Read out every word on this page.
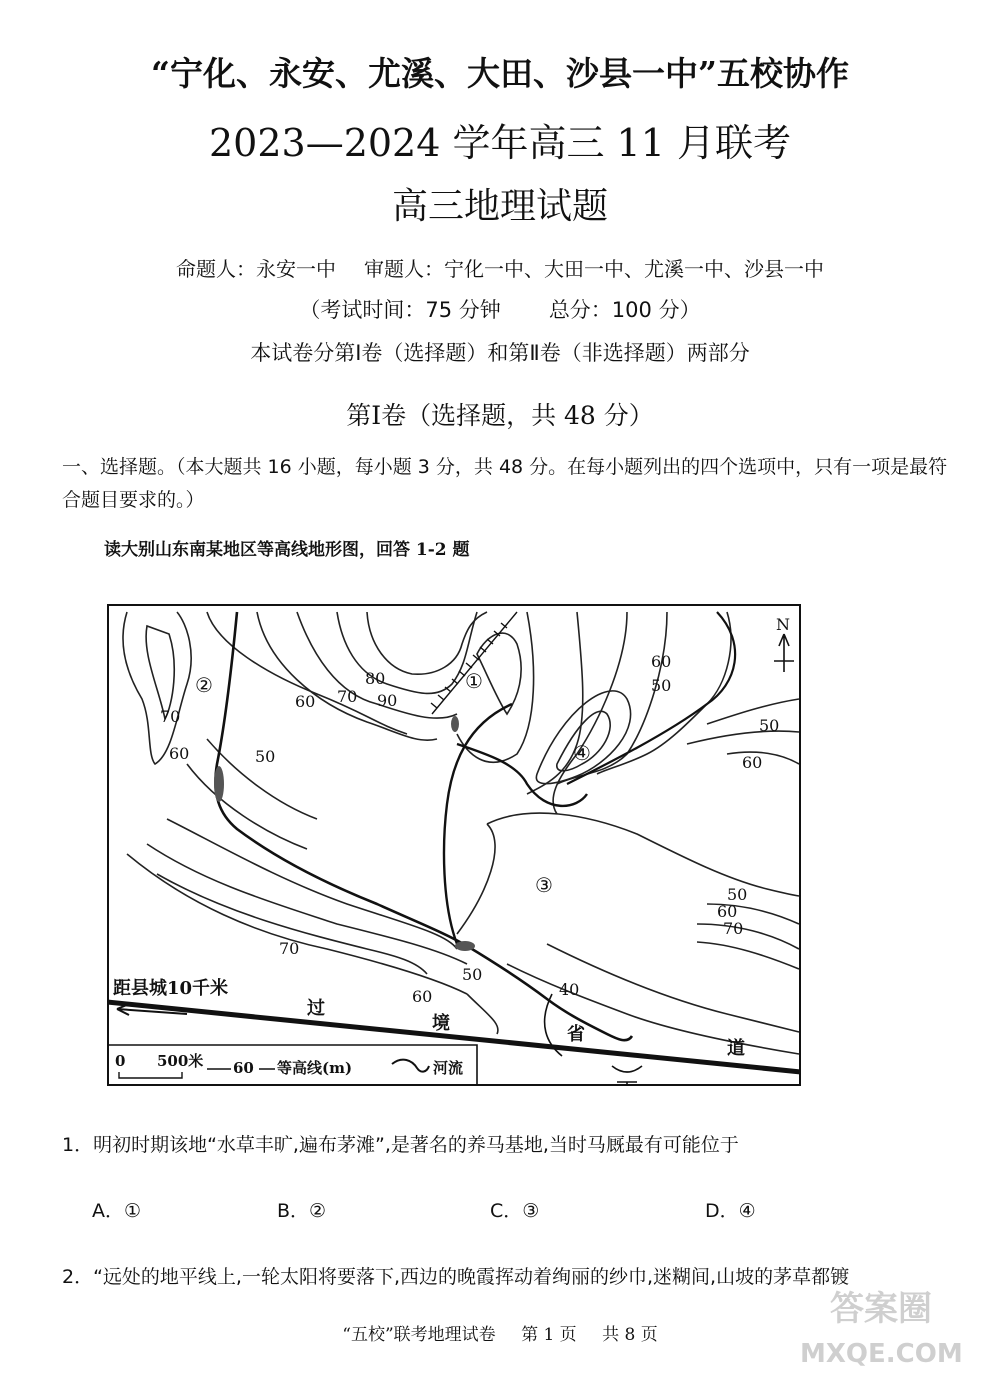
“宁化、永安、尤溪、大田、沙县一中”五校协作
2023—2024 学年高三 11 月联考
高三地理试题
命题人：永安一中 审题人：宁化一中、大田一中、尤溪一中、沙县一中
（考试时间：75 分钟 总分：100 分）
本试卷分第Ⅰ卷（选择题）和第Ⅱ卷（非选择题）两部分
第Ⅰ卷（选择题，共 48 分）
一、选择题。（本大题共 16 小题，每小题 3 分，共 48 分。在每小题列出的四个选项中，只有一项是最符合题目要求的。）
读大别山东南某地区等高线地形图，回答 1-2 题
②	①
④
③
70
60	50
60 70
80
90
60
50
50
60
50
60
70
70
50
60	40
N
距县城10千米
过
境
省
道
0 500米 60 等高线(m)	河流
1．明初时期该地“水草丰旷,遍布茅滩”,是著名的养马基地,当时马厩最有可能位于
A．①	B．②	C．③	D．④
2．“远处的地平线上,一轮太阳将要落下,西边的晚霞挥动着绚丽的纱巾,迷糊间,山坡的茅草都镀
“五校”联考地理试卷 第 1 页 共 8 页
答案圈
MXQE.COM
